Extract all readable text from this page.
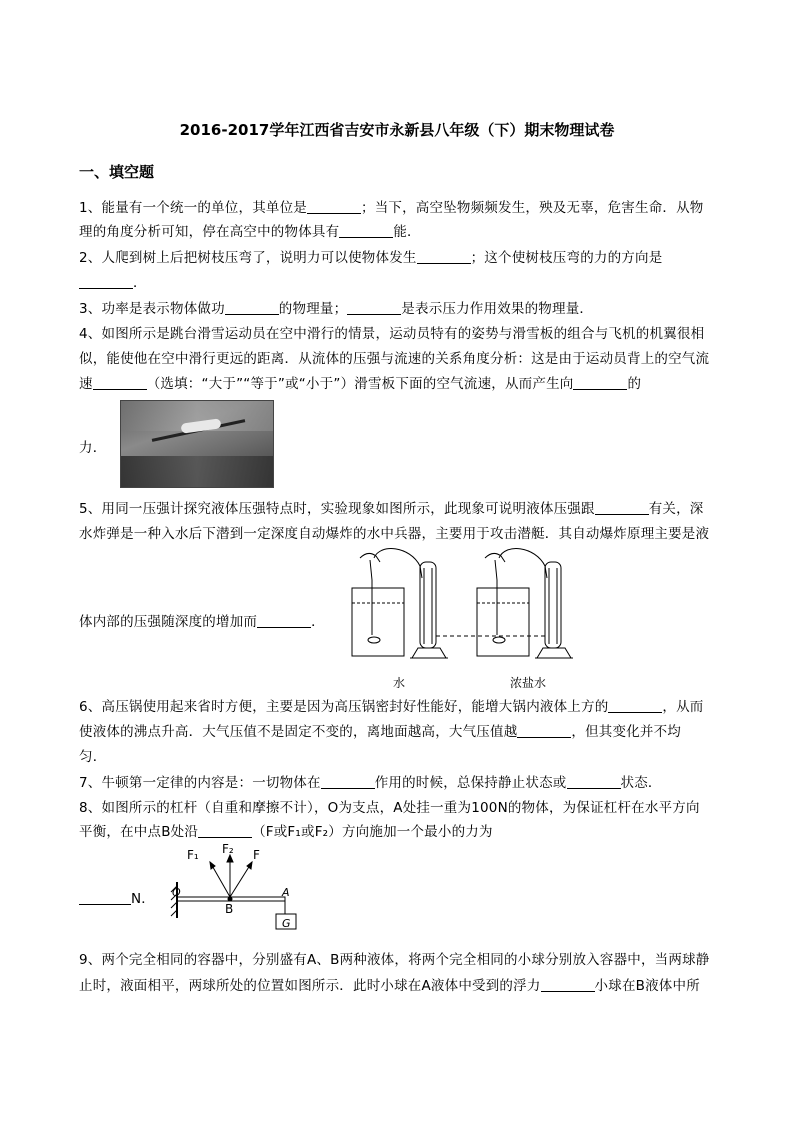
2016-2017学年江西省吉安市永新县八年级（下）期末物理试卷
一、填空题
1、能量有一个统一的单位，其单位是	；当下，高空坠物频频发生，殃及无辜，危害生命．从物
理的角度分析可知，停在高空中的物体具有	能．
2、人爬到树上后把树枝压弯了，说明力可以使物体发生	；这个使树枝压弯的力的方向是
．
3、功率是表示物体做功	的物理量；	是表示压力作用效果的物理量．
4、如图所示是跳台滑雪运动员在空中滑行的情景，运动员特有的姿势与滑雪板的组合与飞机的机翼很相
似，能使他在空中滑行更远的距离．从流体的压强与流速的关系角度分析：这是由于运动员背上的空气流
速	（选填：“大于”“等于”或“小于”）滑雪板下面的空气流速，从而产生向	的
力．
5、用同一压强计探究液体压强特点时，实验现象如图所示，此现象可说明液体压强跟	有关，深
水炸弹是一种入水后下潜到一定深度自动爆炸的水中兵器，主要用于攻击潜艇．其自动爆炸原理主要是液
体内部的压强随深度的增加而	．
水	浓盐水
6、高压锅使用起来省时方便，主要是因为高压锅密封好性能好，能增大锅内液体上方的	，从而
使液体的沸点升高．大气压值不是固定不变的，离地面越高，大气压值越	，但其变化并不均
匀．
7、牛顿第一定律的内容是：一切物体在	作用的时候，总保持静止状态或	状态．
8、如图所示的杠杆（自重和摩擦不计），O为支点，A处挂一重为100N的物体，为保证杠杆在水平方向
平衡，在中点B处沿	（F或F₁或F₂）方向施加一个最小的力为
F₁ F₂ F
O	A
B
G
N．
9、两个完全相同的容器中，分别盛有A、B两种液体，将两个完全相同的小球分别放入容器中，当两球静
止时，液面相平，两球所处的位置如图所示．此时小球在A液体中受到的浮力	小球在B液体中所
